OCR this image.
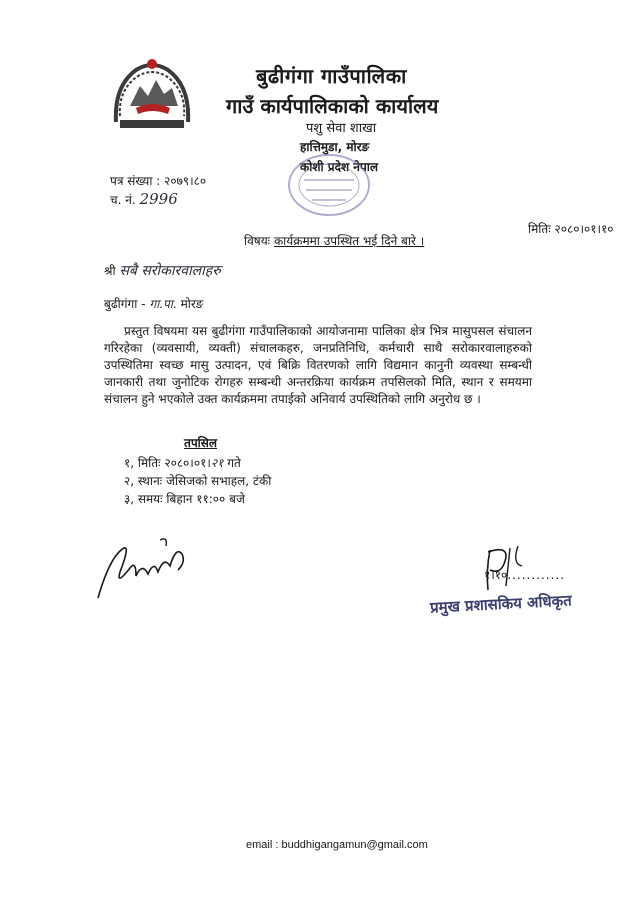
बुढीगंगा गाउँपालिका
गाउँ कार्यपालिकाको कार्यालय
पशु सेवा शाखा
हात्तिमुडा, मोरङ
कोशी प्रदेश नेपाल
पत्र संख्या : २०७९।८०
च. नं. 2996
मितिः २०८०।०१।१०
विषयः कार्यक्रममा उपस्थित भई दिने बारे ।
श्री सबै सरोकारवालाहरु
बुढीगंगा - गा.पा. मोरङ
प्रस्तुत विषयमा यस बुढीगंगा गाउँपालिकाको आयोजनामा पालिका क्षेत्र भित्र मासुपसल संचालन गरिरहेका (व्यवसायी, व्यक्ती) संचालकहरु, जनप्रतिनिधि, कर्मचारी साथै सरोकारवालाहरुको उपस्थितिमा स्वच्छ मासु उत्पादन, एवं बिक्रि वितरणको लागि विद्यमान कानुनी व्यवस्था सम्बन्धी जानकारी तथा जुनोटिक रोगहरु सम्बन्धी अन्तरक्रिया कार्यक्रम तपसिलको मिति, स्थान र समयमा संचालन हुने भएकोले उक्त कार्यक्रममा तपाईको अनिवार्य उपस्थितिको लागि अनुरोध छ ।
तपसिल
१, मितिः २०८०।०१।२१ गते
२, स्थानः जेसिजको सभाहल, टंकी
३, समयः बिहान ११:०० बजे
१।१०............
प्रमुख प्रशासकिय अधिकृत
email : buddhigangamun@gmail.com
